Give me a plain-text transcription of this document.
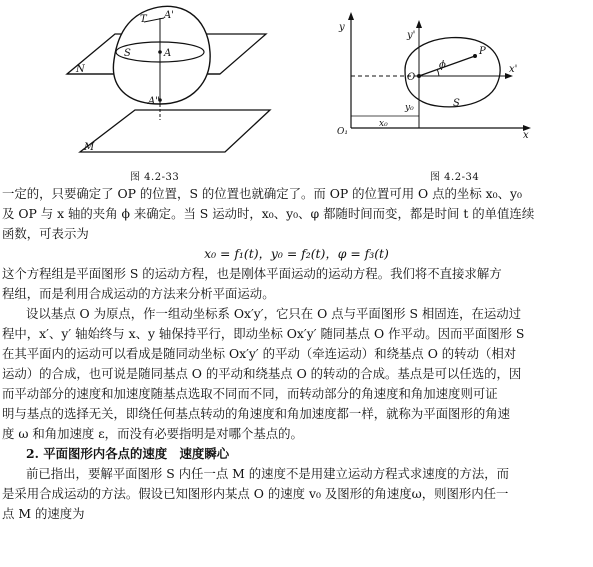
T A'
S	A
N
A"
M
图 4.2-33
y
y'
O
ϕ
P
x'
S
y₀
O₁
x₀
x
图 4.2-34
一定的，只要确定了 OP 的位置，S 的位置也就确定了。而 OP 的位置可用 O 点的坐标 x₀、y₀
及 OP 与 x 轴的夹角 ϕ 来确定。当 S 运动时，x₀、y₀、φ 都随时间而变，都是时间 t 的单值连续
函数，可表示为
x₀ = f₁(t)，y₀ = f₂(t)，φ = f₃(t)
这个方程组是平面图形 S 的运动方程，也是刚体平面运动的运动方程。我们将不直接求解方
程组，而是利用合成运动的方法来分析平面运动。
设以基点 O 为原点，作一组动坐标系 Ox′y′，它只在 O 点与平面图形 S 相固连，在运动过
程中，x′、y′ 轴始终与 x、y 轴保持平行，即动坐标 Ox′y′ 随同基点 O 作平动。因而平面图形 S
在其平面内的运动可以看成是随同动坐标 Ox′y′ 的平动（牵连运动）和绕基点 O 的转动（相对
运动）的合成，也可说是随同基点 O 的平动和绕基点 O 的转动的合成。基点是可以任选的，因
而平动部分的速度和加速度随基点选取不同而不同，而转动部分的角速度和角加速度则可证
明与基点的选择无关，即绕任何基点转动的角速度和角加速度都一样，就称为平面图形的角速
度 ω 和角加速度 ε，而没有必要指明是对哪个基点的。
2. 平面图形内各点的速度　速度瞬心
前已指出，要解平面图形 S 内任一点 M 的速度不是用建立运动方程式求速度的方法，而
是采用合成运动的方法。假设已知图形内某点 O 的速度 v₀ 及图形的角速度ω，则图形内任一
点 M 的速度为
